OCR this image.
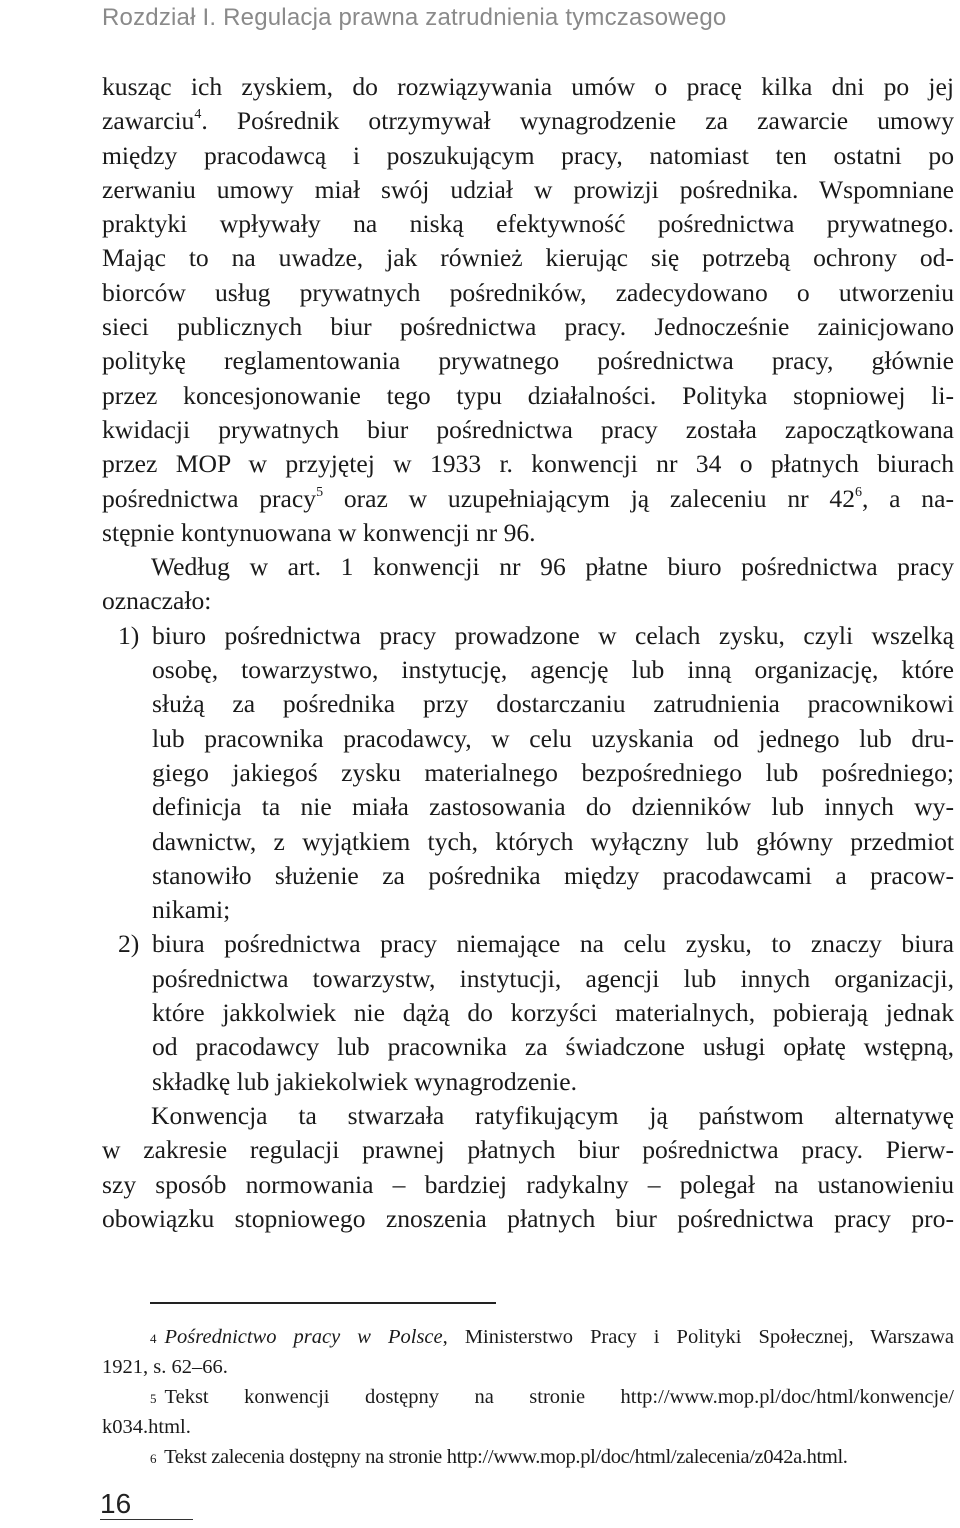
Rozdział I. Regulacja prawna zatrudnienia tymczasowego
kusząc ich zyskiem, do rozwiązywania umów o pracę kilka dni po jej
zawarciu$^4$. Pośrednik otrzymywał wynagrodzenie za zawarcie umowy
między pracodawcą i poszukującym pracy, natomiast ten ostatni po
zerwaniu umowy miał swój udział w prowizji pośrednika. Wspomniane
praktyki wpływały na niską efektywność pośrednictwa prywatnego.
Mając to na uwadze, jak również kierując się potrzebą ochrony od-
biorców usług prywatnych pośredników, zadecydowano o utworzeniu
sieci publicznych biur pośrednictwa pracy. Jednocześnie zainicjowano
politykę reglamentowania prywatnego pośrednictwa pracy, głównie
przez koncesjonowanie tego typu działalności. Polityka stopniowej li-
kwidacji prywatnych biur pośrednictwa pracy została zapoczątkowana
przez MOP w przyjętej w 1933 r. konwencji nr 34 o płatnych biurach
pośrednictwa pracy$^5$ oraz w uzupełniającym ją zaleceniu nr $42^6$, a na-
stępnie kontynuowana w konwencji nr 96.
Według w art. 1 konwencji nr 96 płatne biuro pośrednictwa pracy
oznaczało:
1) biuro pośrednictwa pracy prowadzone w celach zysku, czyli wszelką
osobę, towarzystwo, instytucję, agencję lub inną organizację, które
służą za pośrednika przy dostarczaniu zatrudnienia pracownikowi
lub pracownika pracodawcy, w celu uzyskania od jednego lub dru-
giego jakiegoś zysku materialnego bezpośredniego lub pośredniego;
definicja ta nie miała zastosowania do dzienników lub innych wy-
dawnictw, z wyjątkiem tych, których wyłączny lub główny przedmiot
stanowiło służenie za pośrednika między pracodawcami a pracow-
nikami;
2) biura pośrednictwa pracy niemające na celu zysku, to znaczy biura
pośrednictwa towarzystw, instytucji, agencji lub innych organizacji,
które jakkolwiek nie dążą do korzyści materialnych, pobierają jednak
od pracodawcy lub pracownika za świadczone usługi opłatę wstępną,
składkę lub jakiekolwiek wynagrodzenie.
Konwencja ta stwarzała ratyfikującym ją państwom alternatywę
w zakresie regulacji prawnej płatnych biur pośrednictwa pracy. Pierw-
szy sposób normowania – bardziej radykalny – polegał na ustanowieniu
obowiązku stopniowego znoszenia płatnych biur pośrednictwa pracy pro-
$^4$ Pośrednictwo pracy w Polsce, Ministerstwo Pracy i Polityki Społecznej, Warszawa
1921, s. 62–66.
$^5$ Tekst konwencji dostępny na stronie http://www.mop.pl/doc/html/konwencje/
k034.html.
$^6$ Tekst zalecenia dostępny na stronie http://www.mop.pl/doc/html/zalecenia/z042a.html.
16
